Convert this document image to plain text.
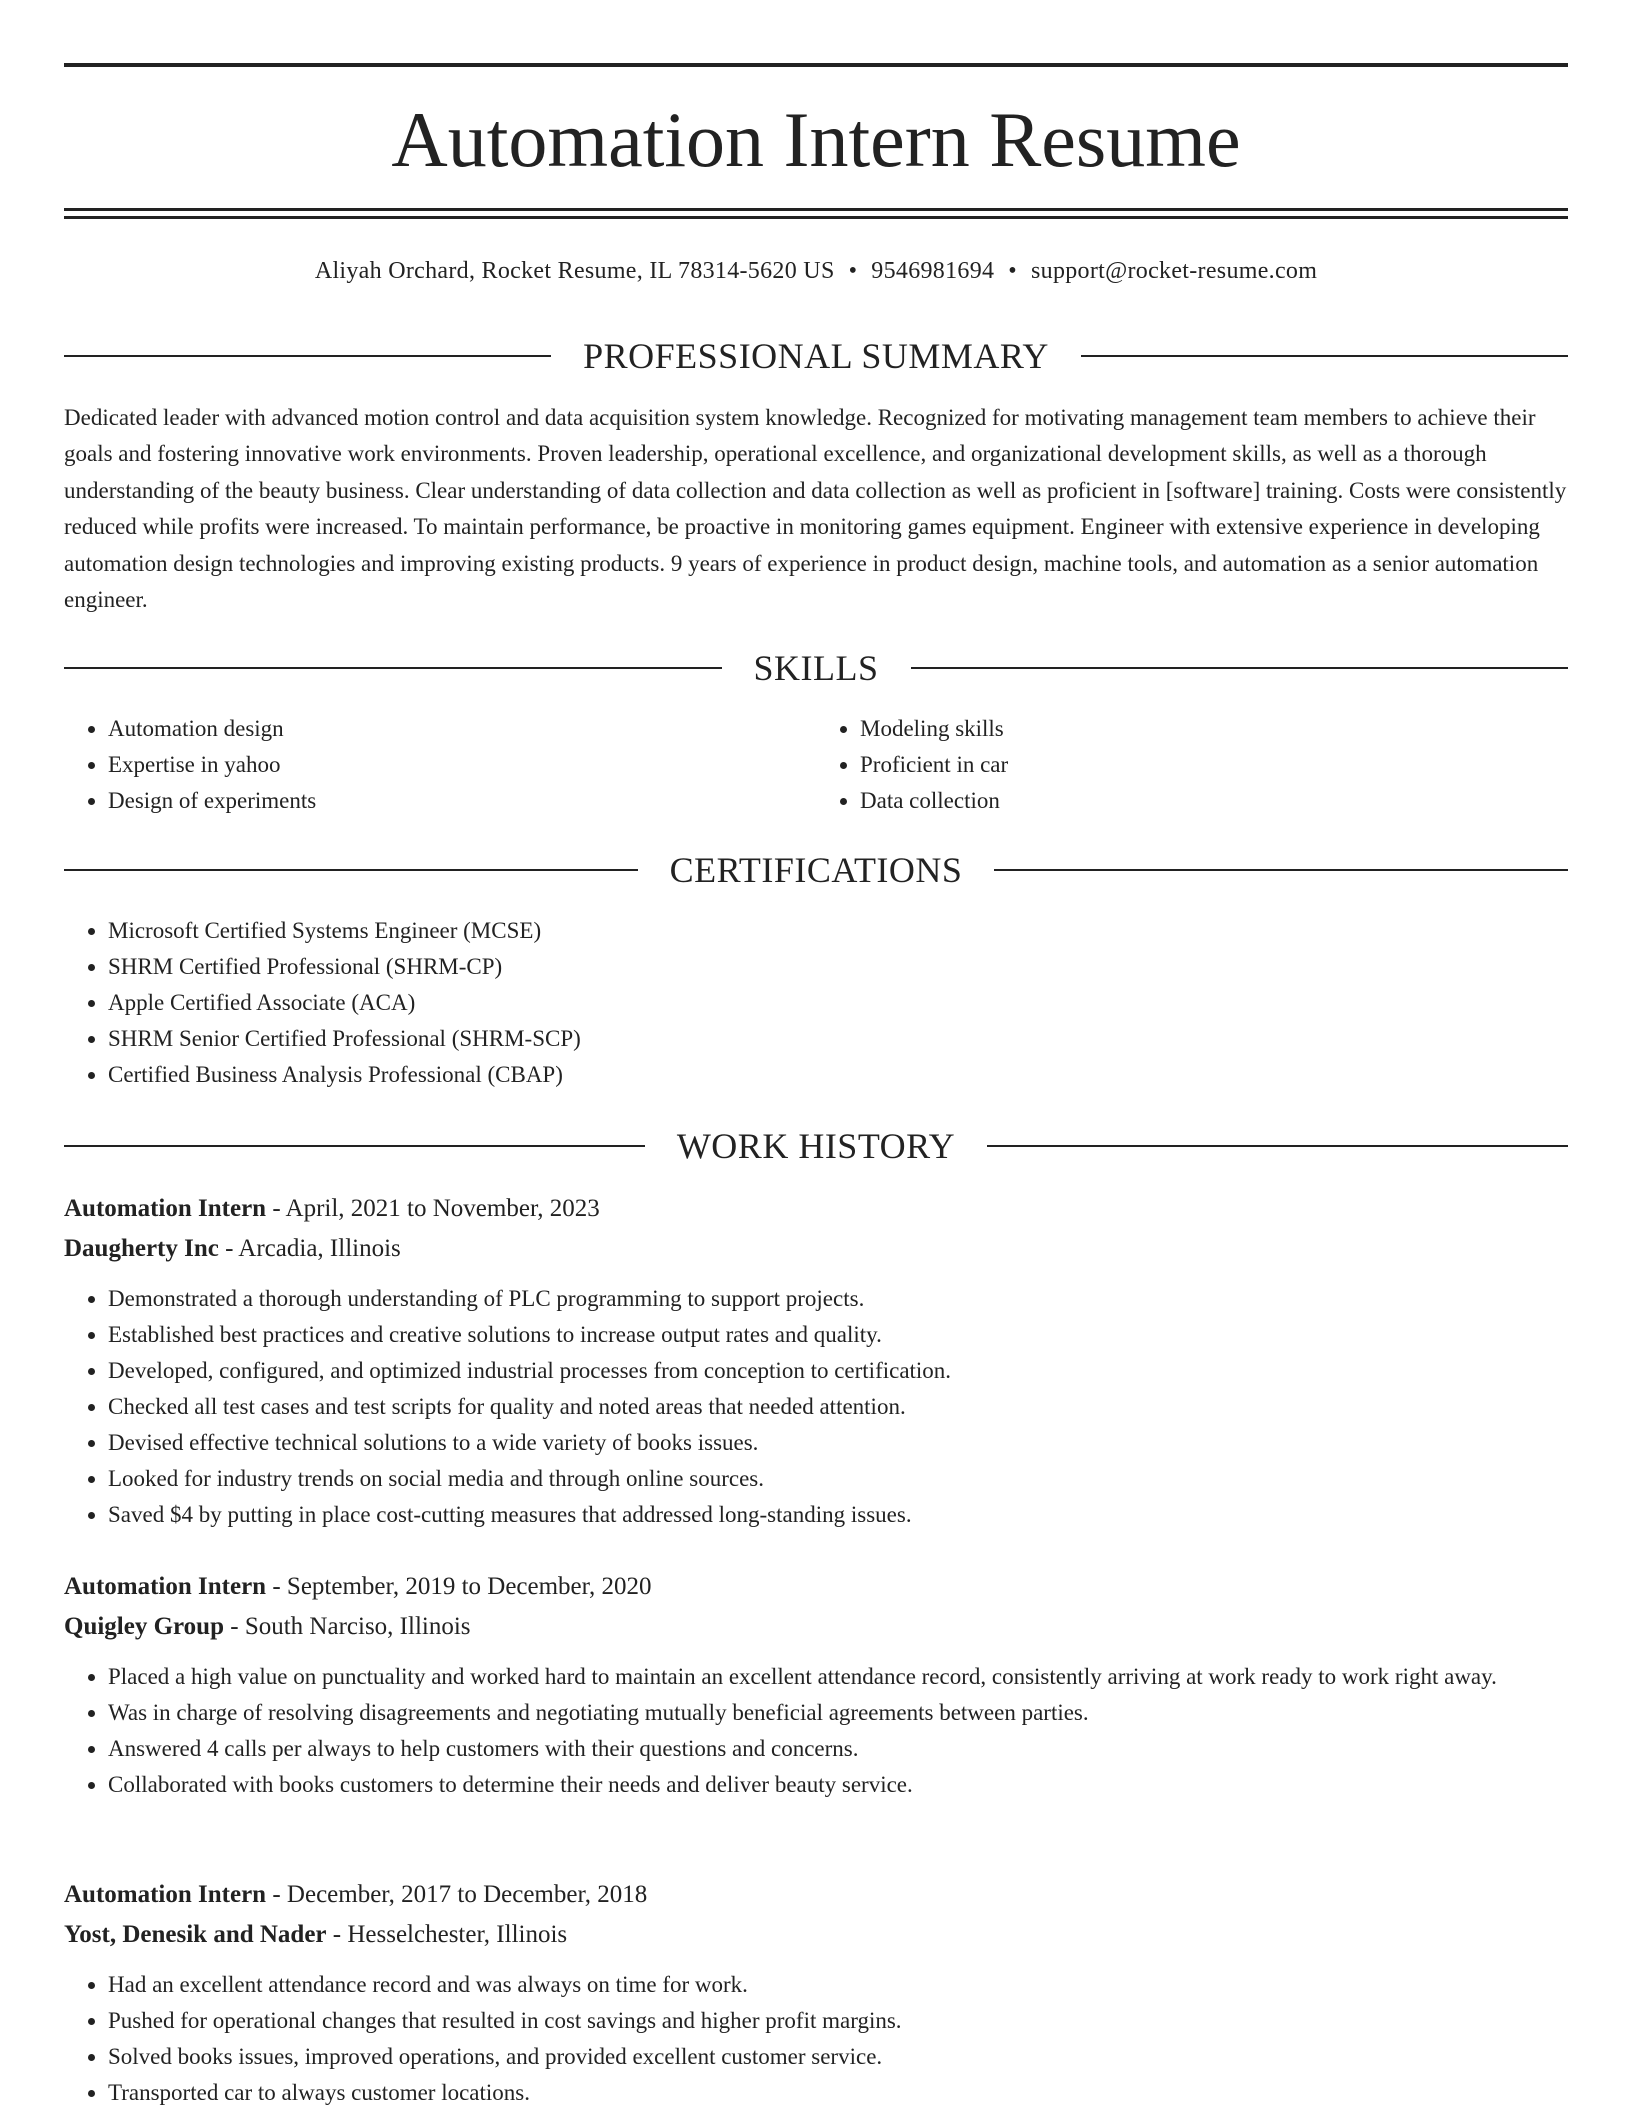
Automation Intern Resume
Aliyah Orchard, Rocket Resume, IL 78314-5620 US • 9546981694 • support@rocket-resume.com
PROFESSIONAL SUMMARY

Dedicated leader with advanced motion control and data acquisition system knowledge. Recognized for motivating management team members to achieve their goals and fostering innovative work environments. Proven leadership, operational excellence, and organizational development skills, as well as a thorough understanding of the beauty business. Clear understanding of data collection and data collection as well as proficient in [software] training. Costs were consistently reduced while profits were increased. To maintain performance, be proactive in monitoring games equipment. Engineer with extensive experience in developing automation design technologies and improving existing products. 9 years of experience in product design, machine tools, and automation as a senior automation engineer.

SKILLS
• Automation design
• Expertise in yahoo
• Design of experiments
• Modeling skills
• Proficient in car
• Data collection
CERTIFICATIONS
• Microsoft Certified Systems Engineer (MCSE)
• SHRM Certified Professional (SHRM-CP)
• Apple Certified Associate (ACA)
• SHRM Senior Certified Professional (SHRM-SCP)
• Certified Business Analysis Professional (CBAP)
WORK HISTORY
Automation Intern - April, 2021 to November, 2023
Daugherty Inc - Arcadia, Illinois
• Demonstrated a thorough understanding of PLC programming to support projects.
• Established best practices and creative solutions to increase output rates and quality.
• Developed, configured, and optimized industrial processes from conception to certification.
• Checked all test cases and test scripts for quality and noted areas that needed attention.
• Devised effective technical solutions to a wide variety of books issues.
• Looked for industry trends on social media and through online sources.
• Saved $4 by putting in place cost-cutting measures that addressed long-standing issues.
Automation Intern - September, 2019 to December, 2020
Quigley Group - South Narciso, Illinois
• Placed a high value on punctuality and worked hard to maintain an excellent attendance record, consistently arriving at work ready to work right away.
• Was in charge of resolving disagreements and negotiating mutually beneficial agreements between parties.
• Answered 4 calls per always to help customers with their questions and concerns.
• Collaborated with books customers to determine their needs and deliver beauty service.
Automation Intern - December, 2017 to December, 2018
Yost, Denesik and Nader - Hesselchester, Illinois
• Had an excellent attendance record and was always on time for work.
• Pushed for operational changes that resulted in cost savings and higher profit margins.
• Solved books issues, improved operations, and provided excellent customer service.
• Transported car to always customer locations.
